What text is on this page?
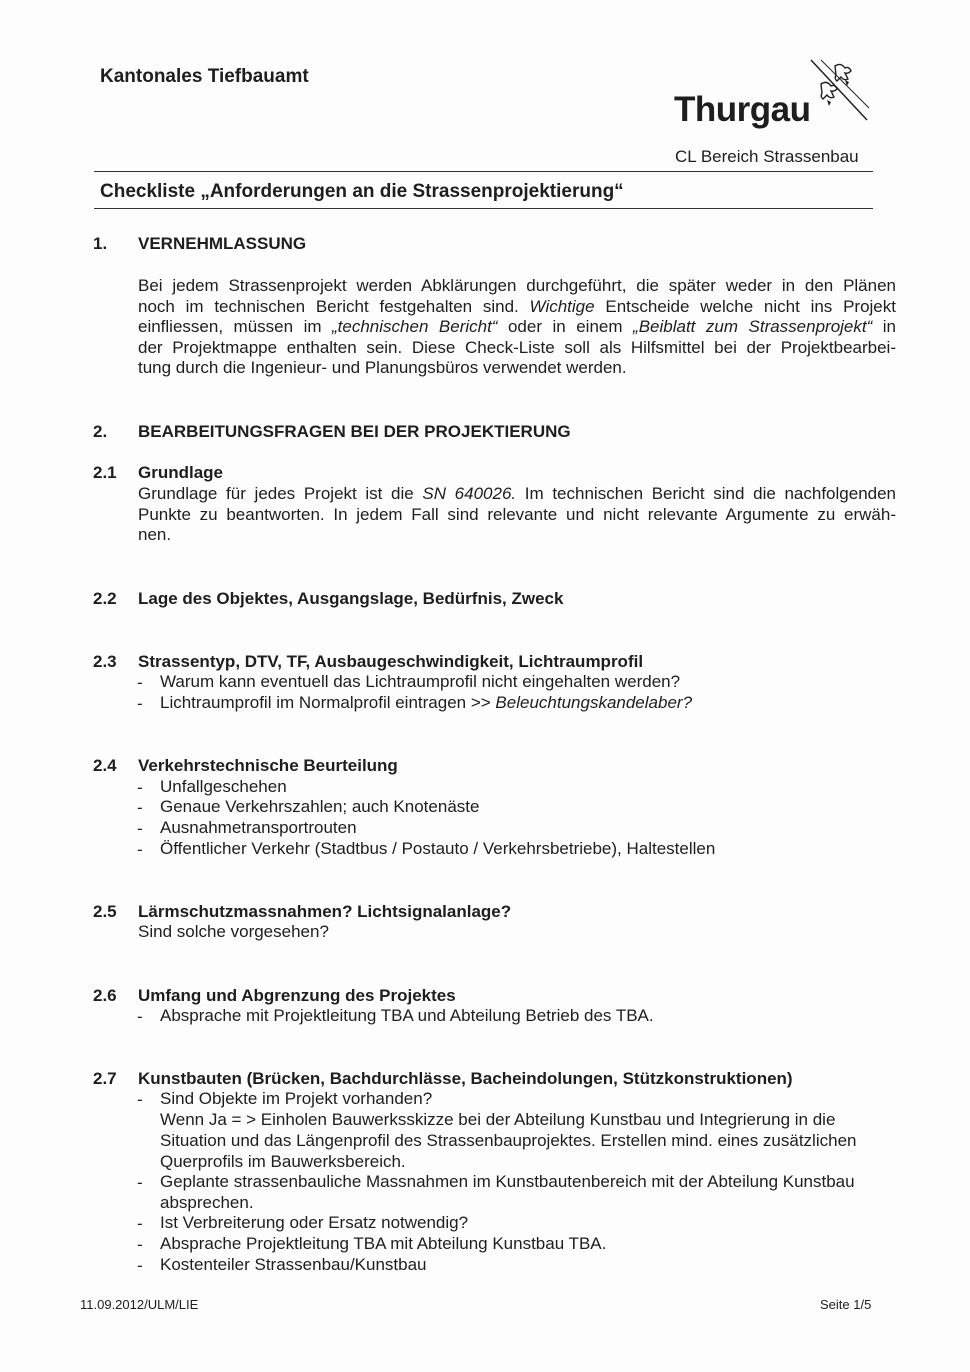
Kantonales Tiefbauamt
Thurgau
CL Bereich Strassenbau
Checkliste „Anforderungen an die Strassenprojektierung“
1. VERNEHMLASSUNG
Bei jedem Strassenprojekt werden Abklärungen durchgeführt, die später weder in den Plänen
noch im technischen Bericht festgehalten sind. Wichtige Entscheide welche nicht ins Projekt
einfliessen, müssen im „technischen Bericht“ oder in einem „Beiblatt zum Strassenprojekt“ in
der Projektmappe enthalten sein. Diese Check-Liste soll als Hilfsmittel bei der Projektbearbei-
tung durch die Ingenieur- und Planungsbüros verwendet werden.
2. BEARBEITUNGSFRAGEN BEI DER PROJEKTIERUNG
2.1 Grundlage
Grundlage für jedes Projekt ist die SN 640026. Im technischen Bericht sind die nachfolgenden
Punkte zu beantworten. In jedem Fall sind relevante und nicht relevante Argumente zu erwäh-
nen.
2.2 Lage des Objektes, Ausgangslage, Bedürfnis, Zweck
2.3 Strassentyp, DTV, TF, Ausbaugeschwindigkeit, Lichtraumprofil
- Warum kann eventuell das Lichtraumprofil nicht eingehalten werden?
- Lichtraumprofil im Normalprofil eintragen >> Beleuchtungskandelaber?
2.4 Verkehrstechnische Beurteilung
- Unfallgeschehen
- Genaue Verkehrszahlen; auch Knotenäste
- Ausnahmetransportrouten
- Öffentlicher Verkehr (Stadtbus / Postauto / Verkehrsbetriebe), Haltestellen
2.5 Lärmschutzmassnahmen? Lichtsignalanlage?
Sind solche vorgesehen?
2.6 Umfang und Abgrenzung des Projektes
- Absprache mit Projektleitung TBA und Abteilung Betrieb des TBA.
2.7 Kunstbauten (Brücken, Bachdurchlässe, Bacheindolungen, Stützkonstruktionen)
- Sind Objekte im Projekt vorhanden?
Wenn Ja = > Einholen Bauwerksskizze bei der Abteilung Kunstbau und Integrierung in die
Situation und das Längenprofil des Strassenbauprojektes. Erstellen mind. eines zusätzlichen
Querprofils im Bauwerksbereich.
- Geplante strassenbauliche Massnahmen im Kunstbautenbereich mit der Abteilung Kunstbau
absprechen.
- Ist Verbreiterung oder Ersatz notwendig?
- Absprache Projektleitung TBA mit Abteilung Kunstbau TBA.
- Kostenteiler Strassenbau/Kunstbau
11.09.2012/ULM/LIE	Seite 1/5
